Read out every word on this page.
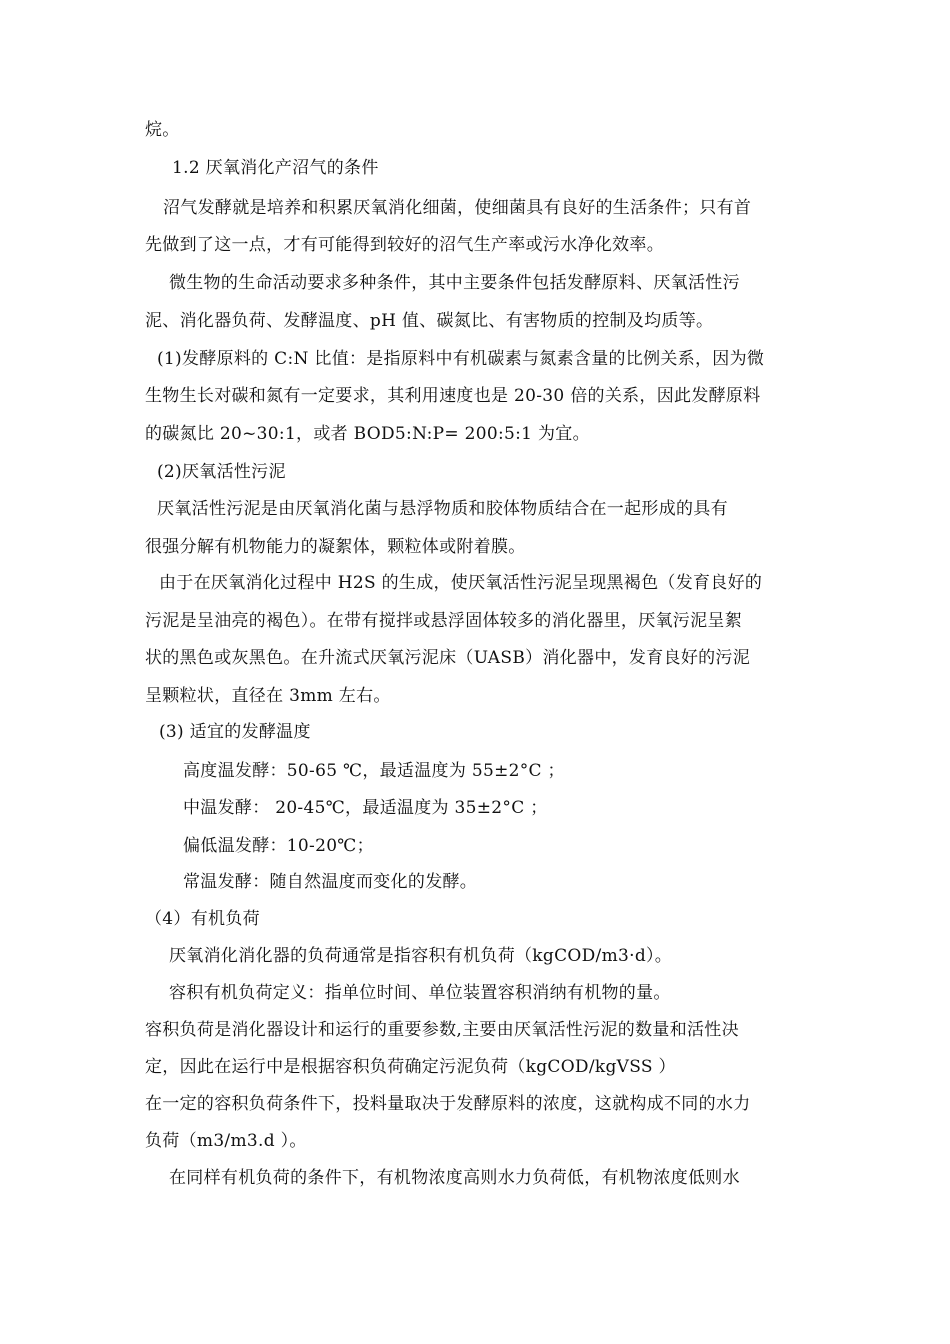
烷。
1.2 厌氧消化产沼气的条件
沼气发酵就是培养和积累厌氧消化细菌，使细菌具有良好的生活条件；只有首
先做到了这一点，才有可能得到较好的沼气生产率或污水净化效率。
微生物的生命活动要求多种条件，其中主要条件包括发酵原料、厌氧活性污
泥、消化器负荷、发酵温度、pH 值、碳氮比、有害物质的控制及均质等。
(1)发酵原料的 C:N 比值：是指原料中有机碳素与氮素含量的比例关系，因为微
生物生长对碳和氮有一定要求，其利用速度也是 20-30 倍的关系，因此发酵原料
的碳氮比 20~30:1，或者 BOD5:N:P= 200:5:1 为宜。
(2)厌氧活性污泥
厌氧活性污泥是由厌氧消化菌与悬浮物质和胶体物质结合在一起形成的具有
很强分解有机物能力的凝絮体，颗粒体或附着膜。
由于在厌氧消化过程中 H2S 的生成，使厌氧活性污泥呈现黑褐色（发育良好的
污泥是呈油亮的褐色）。在带有搅拌或悬浮固体较多的消化器里，厌氧污泥呈絮
状的黑色或灰黑色。在升流式厌氧污泥床（UASB）消化器中，发育良好的污泥
呈颗粒状，直径在 3mm 左右。
(3) 适宜的发酵温度
高度温发酵：50-65 ℃，最适温度为 55±2°C ；
中温发酵： 20-45℃，最适温度为 35±2°C ；
偏低温发酵：10-20℃；
常温发酵：随自然温度而变化的发酵。
（4）有机负荷
厌氧消化消化器的负荷通常是指容积有机负荷（kgCOD/m3·d）。
容积有机负荷定义：指单位时间、单位装置容积消纳有机物的量。
容积负荷是消化器设计和运行的重要参数,主要由厌氧活性污泥的数量和活性决
定，因此在运行中是根据容积负荷确定污泥负荷（kgCOD/kgVSS ）
在一定的容积负荷条件下，投料量取决于发酵原料的浓度，这就构成不同的水力
负荷（m3/m3.d ）。
在同样有机负荷的条件下，有机物浓度高则水力负荷低，有机物浓度低则水
